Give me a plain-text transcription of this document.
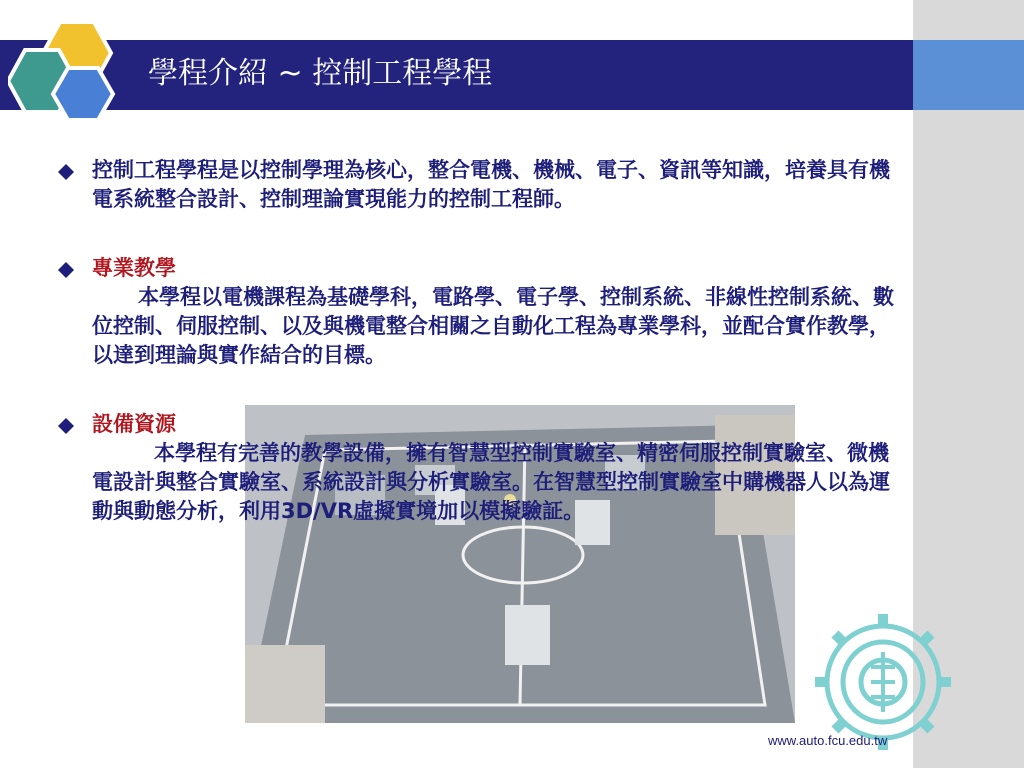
學程介紹 ~ 控制工程學程
控制工程學程是以控制學理為核心，整合電機、機械、電子、資訊等知識，培養具有機電系統整合設計、控制理論實現能力的控制工程師。
專業教學
本學程以電機課程為基礎學科，電路學、電子學、控制系統、非線性控制系統、數位控制、伺服控制、以及與機電整合相關之自動化工程為專業學科，並配合實作教學，以達到理論與實作結合的目標。
設備資源
本學程有完善的教學設備，擁有智慧型控制實驗室、精密伺服控制實驗室、微機電設計與整合實驗室、系統設計與分析實驗室。在智慧型控制實驗室中購機器人以為運動與動態分析，利用3D/VR虛擬實境加以模擬驗証。
www.auto.fcu.edu.tw
